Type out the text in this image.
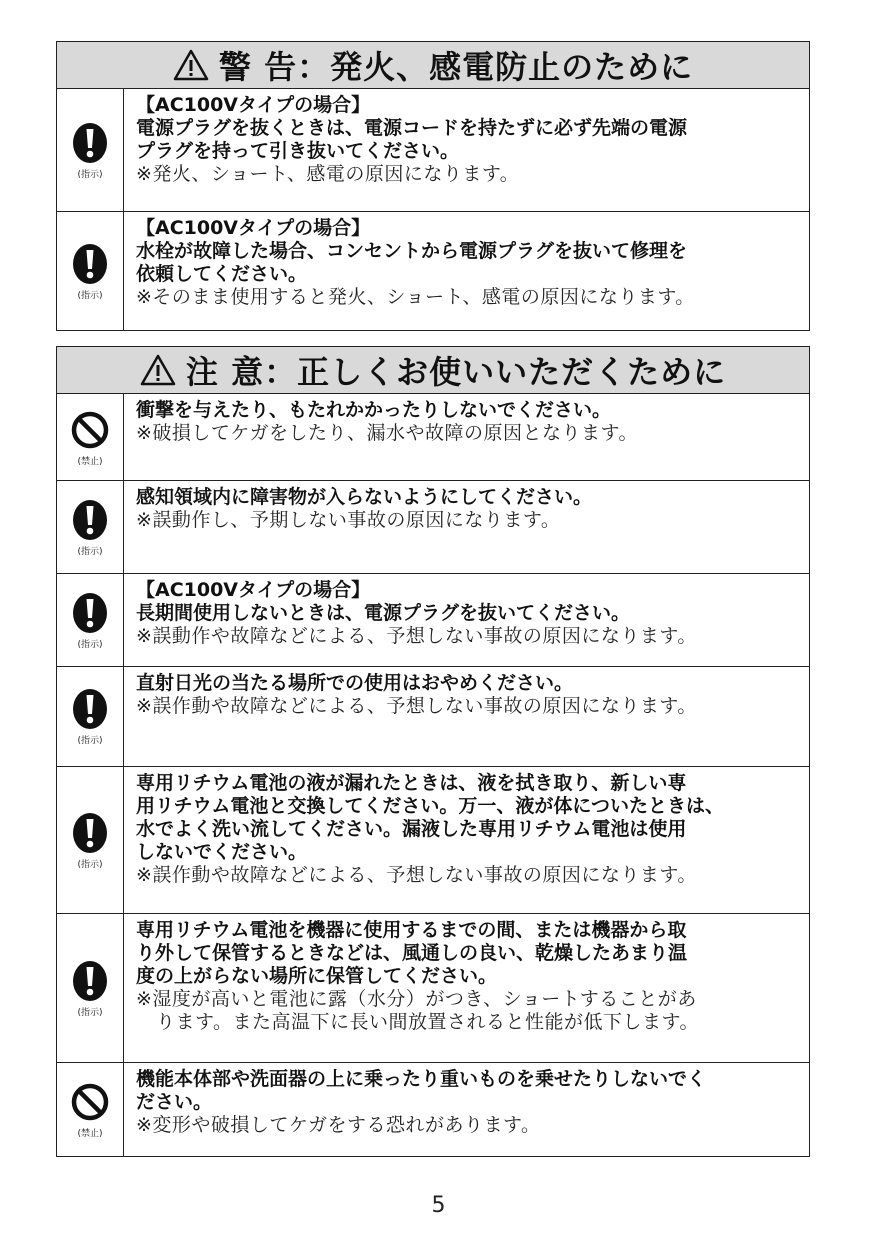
警 告：発火、感電防止のために
(指示)
【AC100Vタイプの場合】
電源プラグを抜くときは、電源コードを持たずに必ず先端の電源
プラグを持って引き抜いてください。
※発火、ショート、感電の原因になります。
(指示)
【AC100Vタイプの場合】
水栓が故障した場合、コンセントから電源プラグを抜いて修理を
依頼してください。
※そのまま使用すると発火、ショート、感電の原因になります。
注 意：正しくお使いいただくために
(禁止)
衝撃を与えたり、もたれかかったりしないでください。
※破損してケガをしたり、漏水や故障の原因となります。
(指示)
感知領域内に障害物が入らないようにしてください。
※誤動作し、予期しない事故の原因になります。
(指示)
【AC100Vタイプの場合】
長期間使用しないときは、電源プラグを抜いてください。
※誤動作や故障などによる、予想しない事故の原因になります。
(指示)
直射日光の当たる場所での使用はおやめください。
※誤作動や故障などによる、予想しない事故の原因になります。
(指示)
専用リチウム電池の液が漏れたときは、液を拭き取り、新しい専
用リチウム電池と交換してください。万一、液が体についたときは、
水でよく洗い流してください。漏液した専用リチウム電池は使用
しないでください。
※誤作動や故障などによる、予想しない事故の原因になります。
(指示)
専用リチウム電池を機器に使用するまでの間、または機器から取
り外して保管するときなどは、風通しの良い、乾燥したあまり温
度の上がらない場所に保管してください。
※湿度が高いと電池に露（水分）がつき、ショートすることがあ
ります。また高温下に長い間放置されると性能が低下します。
(禁止)
機能本体部や洗面器の上に乗ったり重いものを乗せたりしないでく
ださい。
※変形や破損してケガをする恐れがあります。
5
